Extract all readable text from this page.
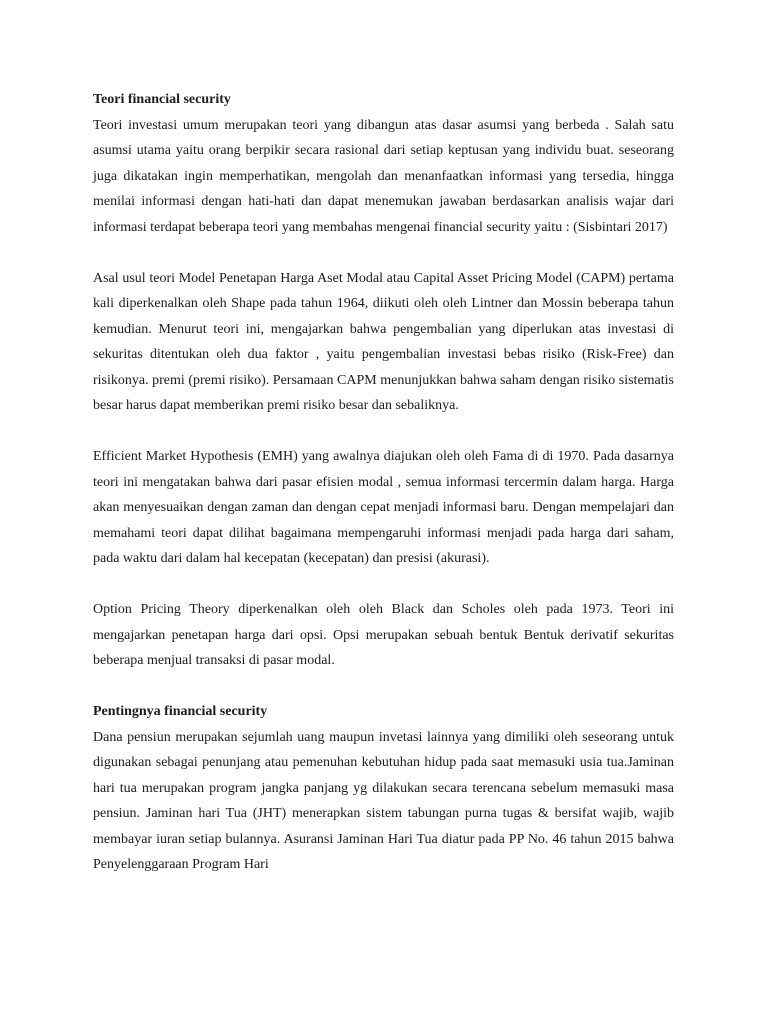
Teori financial security

Teori investasi umum merupakan teori yang dibangun atas dasar asumsi yang berbeda . Salah satu asumsi utama yaitu orang berpikir secara rasional dari setiap keptusan yang individu buat. seseorang juga dikatakan ingin memperhatikan, mengolah dan menanfaatkan informasi yang tersedia, hingga menilai informasi dengan hati-hati dan dapat menemukan jawaban berdasarkan analisis wajar dari informasi terdapat beberapa teori yang membahas mengenai financial security yaitu : (Sisbintari 2017)

Asal usul teori Model Penetapan Harga Aset Modal atau Capital Asset Pricing Model (CAPM) pertama kali diperkenalkan oleh Shape pada tahun 1964, diikuti oleh oleh Lintner dan Mossin beberapa tahun kemudian. Menurut teori ini, mengajarkan bahwa pengembalian yang diperlukan atas investasi di sekuritas ditentukan oleh dua faktor , yaitu pengembalian investasi bebas risiko (Risk-Free) dan risikonya. premi (premi risiko). Persamaan CAPM menunjukkan bahwa saham dengan risiko sistematis besar harus dapat memberikan premi risiko besar dan sebaliknya.

Efficient Market Hypothesis (EMH) yang awalnya diajukan oleh oleh Fama di di 1970. Pada dasarnya teori ini mengatakan bahwa dari pasar efisien modal , semua informasi tercermin dalam harga. Harga akan menyesuaikan dengan zaman dan dengan cepat menjadi informasi baru. Dengan mempelajari dan memahami teori dapat dilihat bagaimana mempengaruhi informasi menjadi pada harga dari saham, pada waktu dari dalam hal kecepatan (kecepatan) dan presisi (akurasi).

Option Pricing Theory diperkenalkan oleh oleh Black dan Scholes oleh pada 1973. Teori ini mengajarkan penetapan harga dari opsi. Opsi merupakan sebuah bentuk Bentuk derivatif sekuritas beberapa menjual transaksi di pasar modal.

Pentingnya financial security

Dana pensiun merupakan sejumlah uang maupun invetasi lainnya yang dimiliki oleh seseorang untuk digunakan sebagai penunjang atau pemenuhan kebutuhan hidup pada saat memasuki usia tua.Jaminan hari tua merupakan program jangka panjang yg dilakukan secara terencana sebelum memasuki masa pensiun. Jaminan hari Tua (JHT) menerapkan sistem tabungan purna tugas & bersifat wajib, wajib membayar iuran setiap bulannya. Asuransi Jaminan Hari Tua diatur pada PP No. 46 tahun 2015 bahwa Penyelenggaraan Program Hari
